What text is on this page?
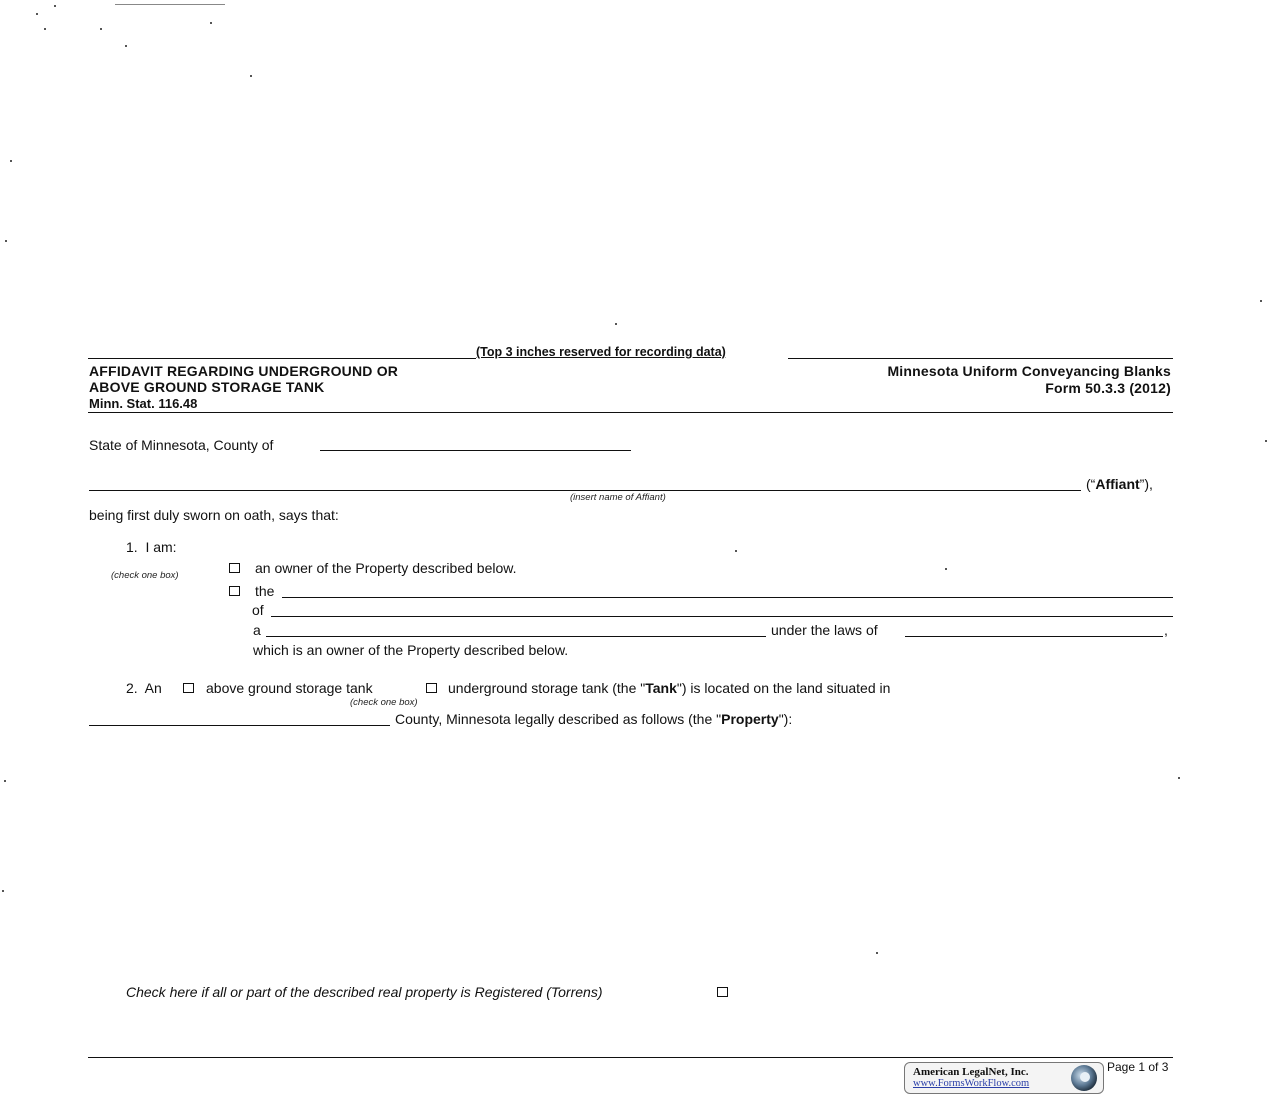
(Top 3 inches reserved for recording data)
AFFIDAVIT REGARDING UNDERGROUND OR
ABOVE GROUND STORAGE TANK
Minn. Stat. 116.48
Minnesota Uniform Conveyancing Blanks
Form 50.3.3 (2012)
State of Minnesota, County of
(insert name of Affiant)
(“Affiant”),
being first duly sworn on oath, says that:
1.  I am:
(check one box)	an owner of the Property described below.
the
of
a	under the laws of	,
which is an owner of the Property described below.
2.  An	above ground storage tank	underground storage tank (the "Tank") is located on the land situated in
(check one box)
County, Minnesota legally described as follows (the "Property"):
Check here if all or part of the described real property is Registered (Torrens)
American LegalNet, Inc.
www.FormsWorkFlow.com
Page 1 of 3
